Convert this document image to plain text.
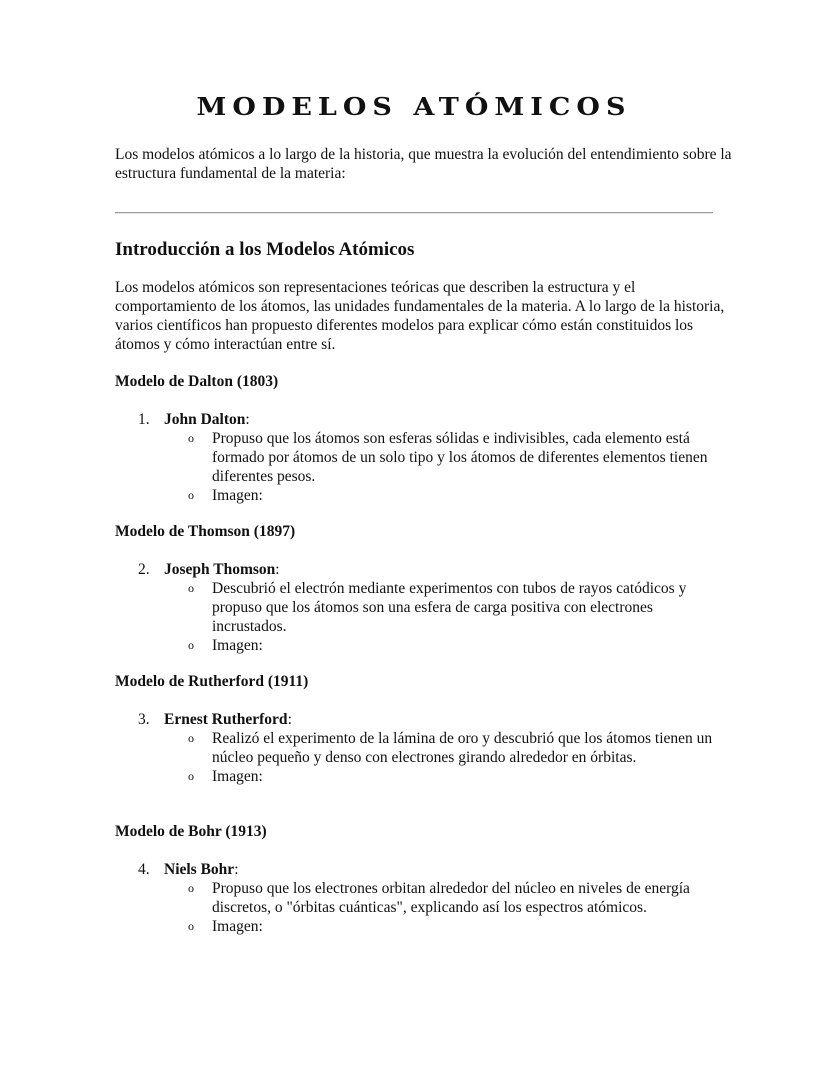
MODELOS ATÓMICOS
Los modelos atómicos a lo largo de la historia, que muestra la evolución del entendimiento sobre la estructura fundamental de la materia:
Introducción a los Modelos Atómicos
Los modelos atómicos son representaciones teóricas que describen la estructura y el comportamiento de los átomos, las unidades fundamentales de la materia. A lo largo de la historia, varios científicos han propuesto diferentes modelos para explicar cómo están constituidos los átomos y cómo interactúan entre sí.
Modelo de Dalton (1803)
1. John Dalton:
o Propuso que los átomos son esferas sólidas e indivisibles, cada elemento está formado por átomos de un solo tipo y los átomos de diferentes elementos tienen diferentes pesos.
o Imagen:
Modelo de Thomson (1897)
2. Joseph Thomson:
o Descubrió el electrón mediante experimentos con tubos de rayos catódicos y propuso que los átomos son una esfera de carga positiva con electrones incrustados.
o Imagen:
Modelo de Rutherford (1911)
3. Ernest Rutherford:
o Realizó el experimento de la lámina de oro y descubrió que los átomos tienen un núcleo pequeño y denso con electrones girando alrededor en órbitas.
o Imagen:
Modelo de Bohr (1913)
4. Niels Bohr:
o Propuso que los electrones orbitan alrededor del núcleo en niveles de energía discretos, o "órbitas cuánticas", explicando así los espectros atómicos.
o Imagen:
